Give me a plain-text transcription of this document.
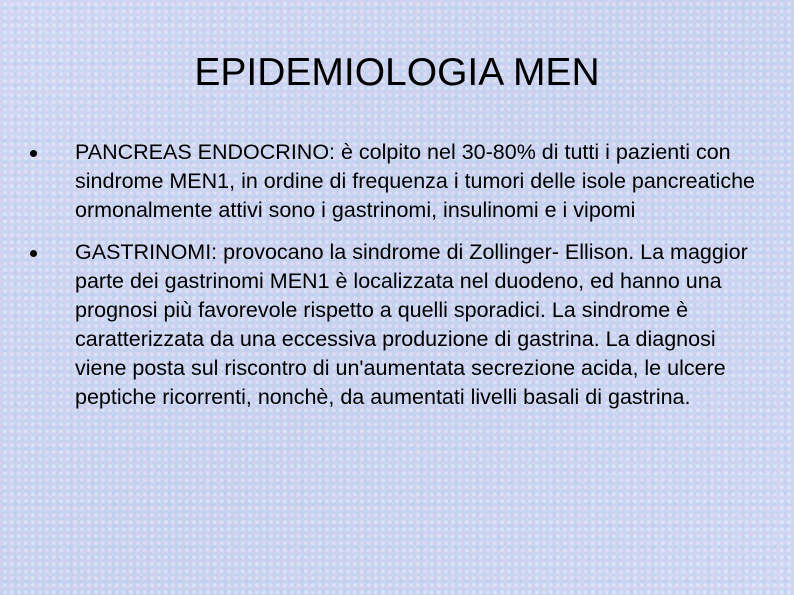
EPIDEMIOLOGIA MEN
PANCREAS ENDOCRINO: è colpito nel 30-80% di tutti i pazienti con sindrome MEN1, in ordine di frequenza i tumori delle isole pancreatiche ormonalmente attivi sono i gastrinomi, insulinomi e i vipomi
GASTRINOMI: provocano la sindrome di Zollinger- Ellison. La maggior parte dei gastrinomi MEN1 è localizzata nel duodeno, ed hanno una prognosi più favorevole rispetto a quelli sporadici. La sindrome è caratterizzata da una eccessiva produzione di gastrina. La diagnosi viene posta sul riscontro di un'aumentata secrezione acida, le ulcere peptiche ricorrenti, nonchè, da aumentati livelli basali di gastrina.
